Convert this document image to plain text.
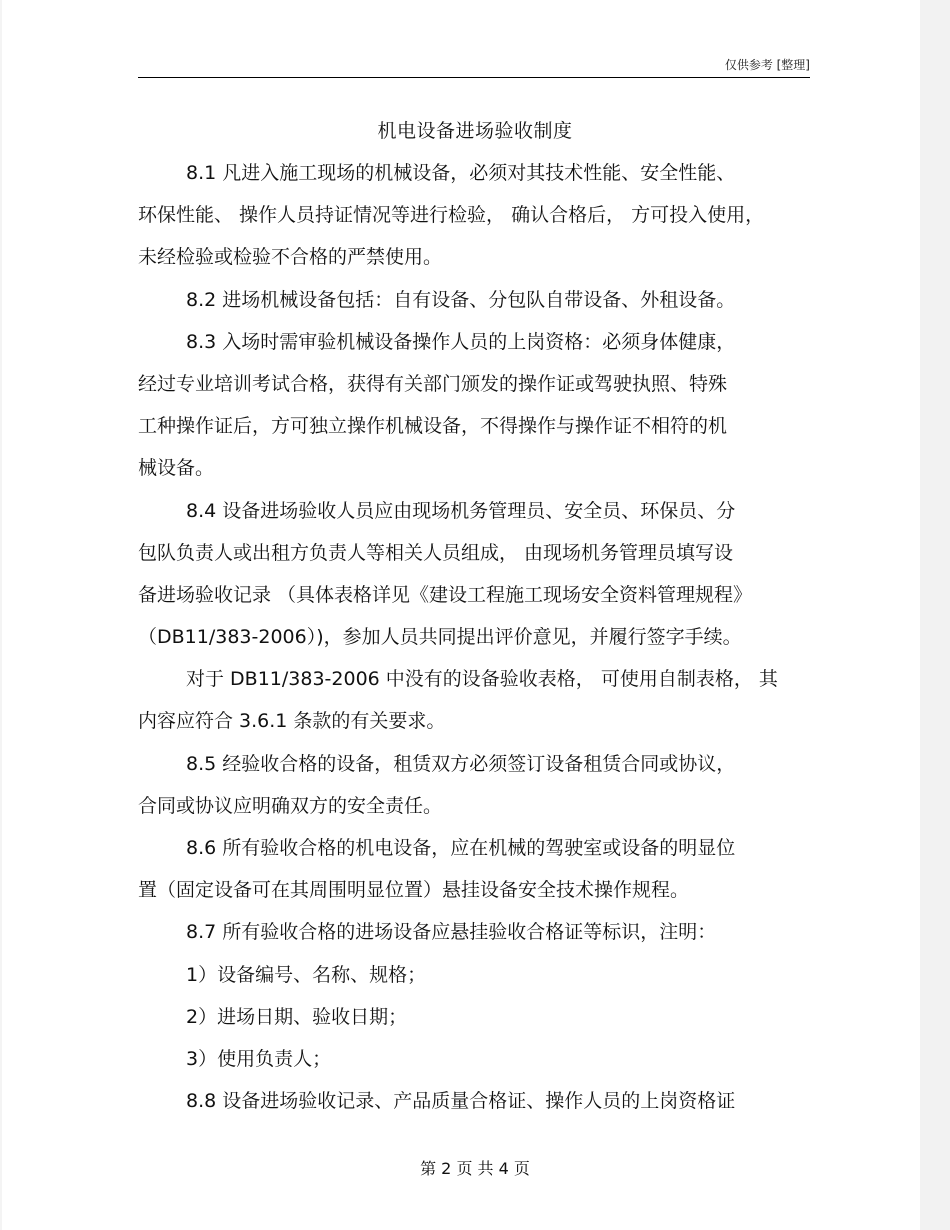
仅供参考 [整理]
机电设备进场验收制度
8.1 凡进入施工现场的机械设备，必须对其技术性能、安全性能、
环保性能、 操作人员持证情况等进行检验， 确认合格后， 方可投入使用，
未经检验或检验不合格的严禁使用。
8.2 进场机械设备包括：自有设备、分包队自带设备、外租设备。
8.3 入场时需审验机械设备操作人员的上岗资格：必须身体健康，
经过专业培训考试合格，获得有关部门颁发的操作证或驾驶执照、特殊
工种操作证后，方可独立操作机械设备，不得操作与操作证不相符的机
械设备。
8.4 设备进场验收人员应由现场机务管理员、安全员、环保员、分
包队负责人或出租方负责人等相关人员组成， 由现场机务管理员填写设
备进场验收记录 （具体表格详见《建设工程施工现场安全资料管理规程》
（DB11/383-2006）)，参加人员共同提出评价意见，并履行签字手续。
对于 DB11/383-2006 中没有的设备验收表格， 可使用自制表格， 其
内容应符合 3.6.1 条款的有关要求。
8.5 经验收合格的设备，租赁双方必须签订设备租赁合同或协议，
合同或协议应明确双方的安全责任。
8.6 所有验收合格的机电设备，应在机械的驾驶室或设备的明显位
置（固定设备可在其周围明显位置）悬挂设备安全技术操作规程。
8.7 所有验收合格的进场设备应悬挂验收合格证等标识，注明：
1）设备编号、名称、规格；
2）进场日期、验收日期；
3）使用负责人；
8.8 设备进场验收记录、产品质量合格证、操作人员的上岗资格证
第 2 页 共 4 页
